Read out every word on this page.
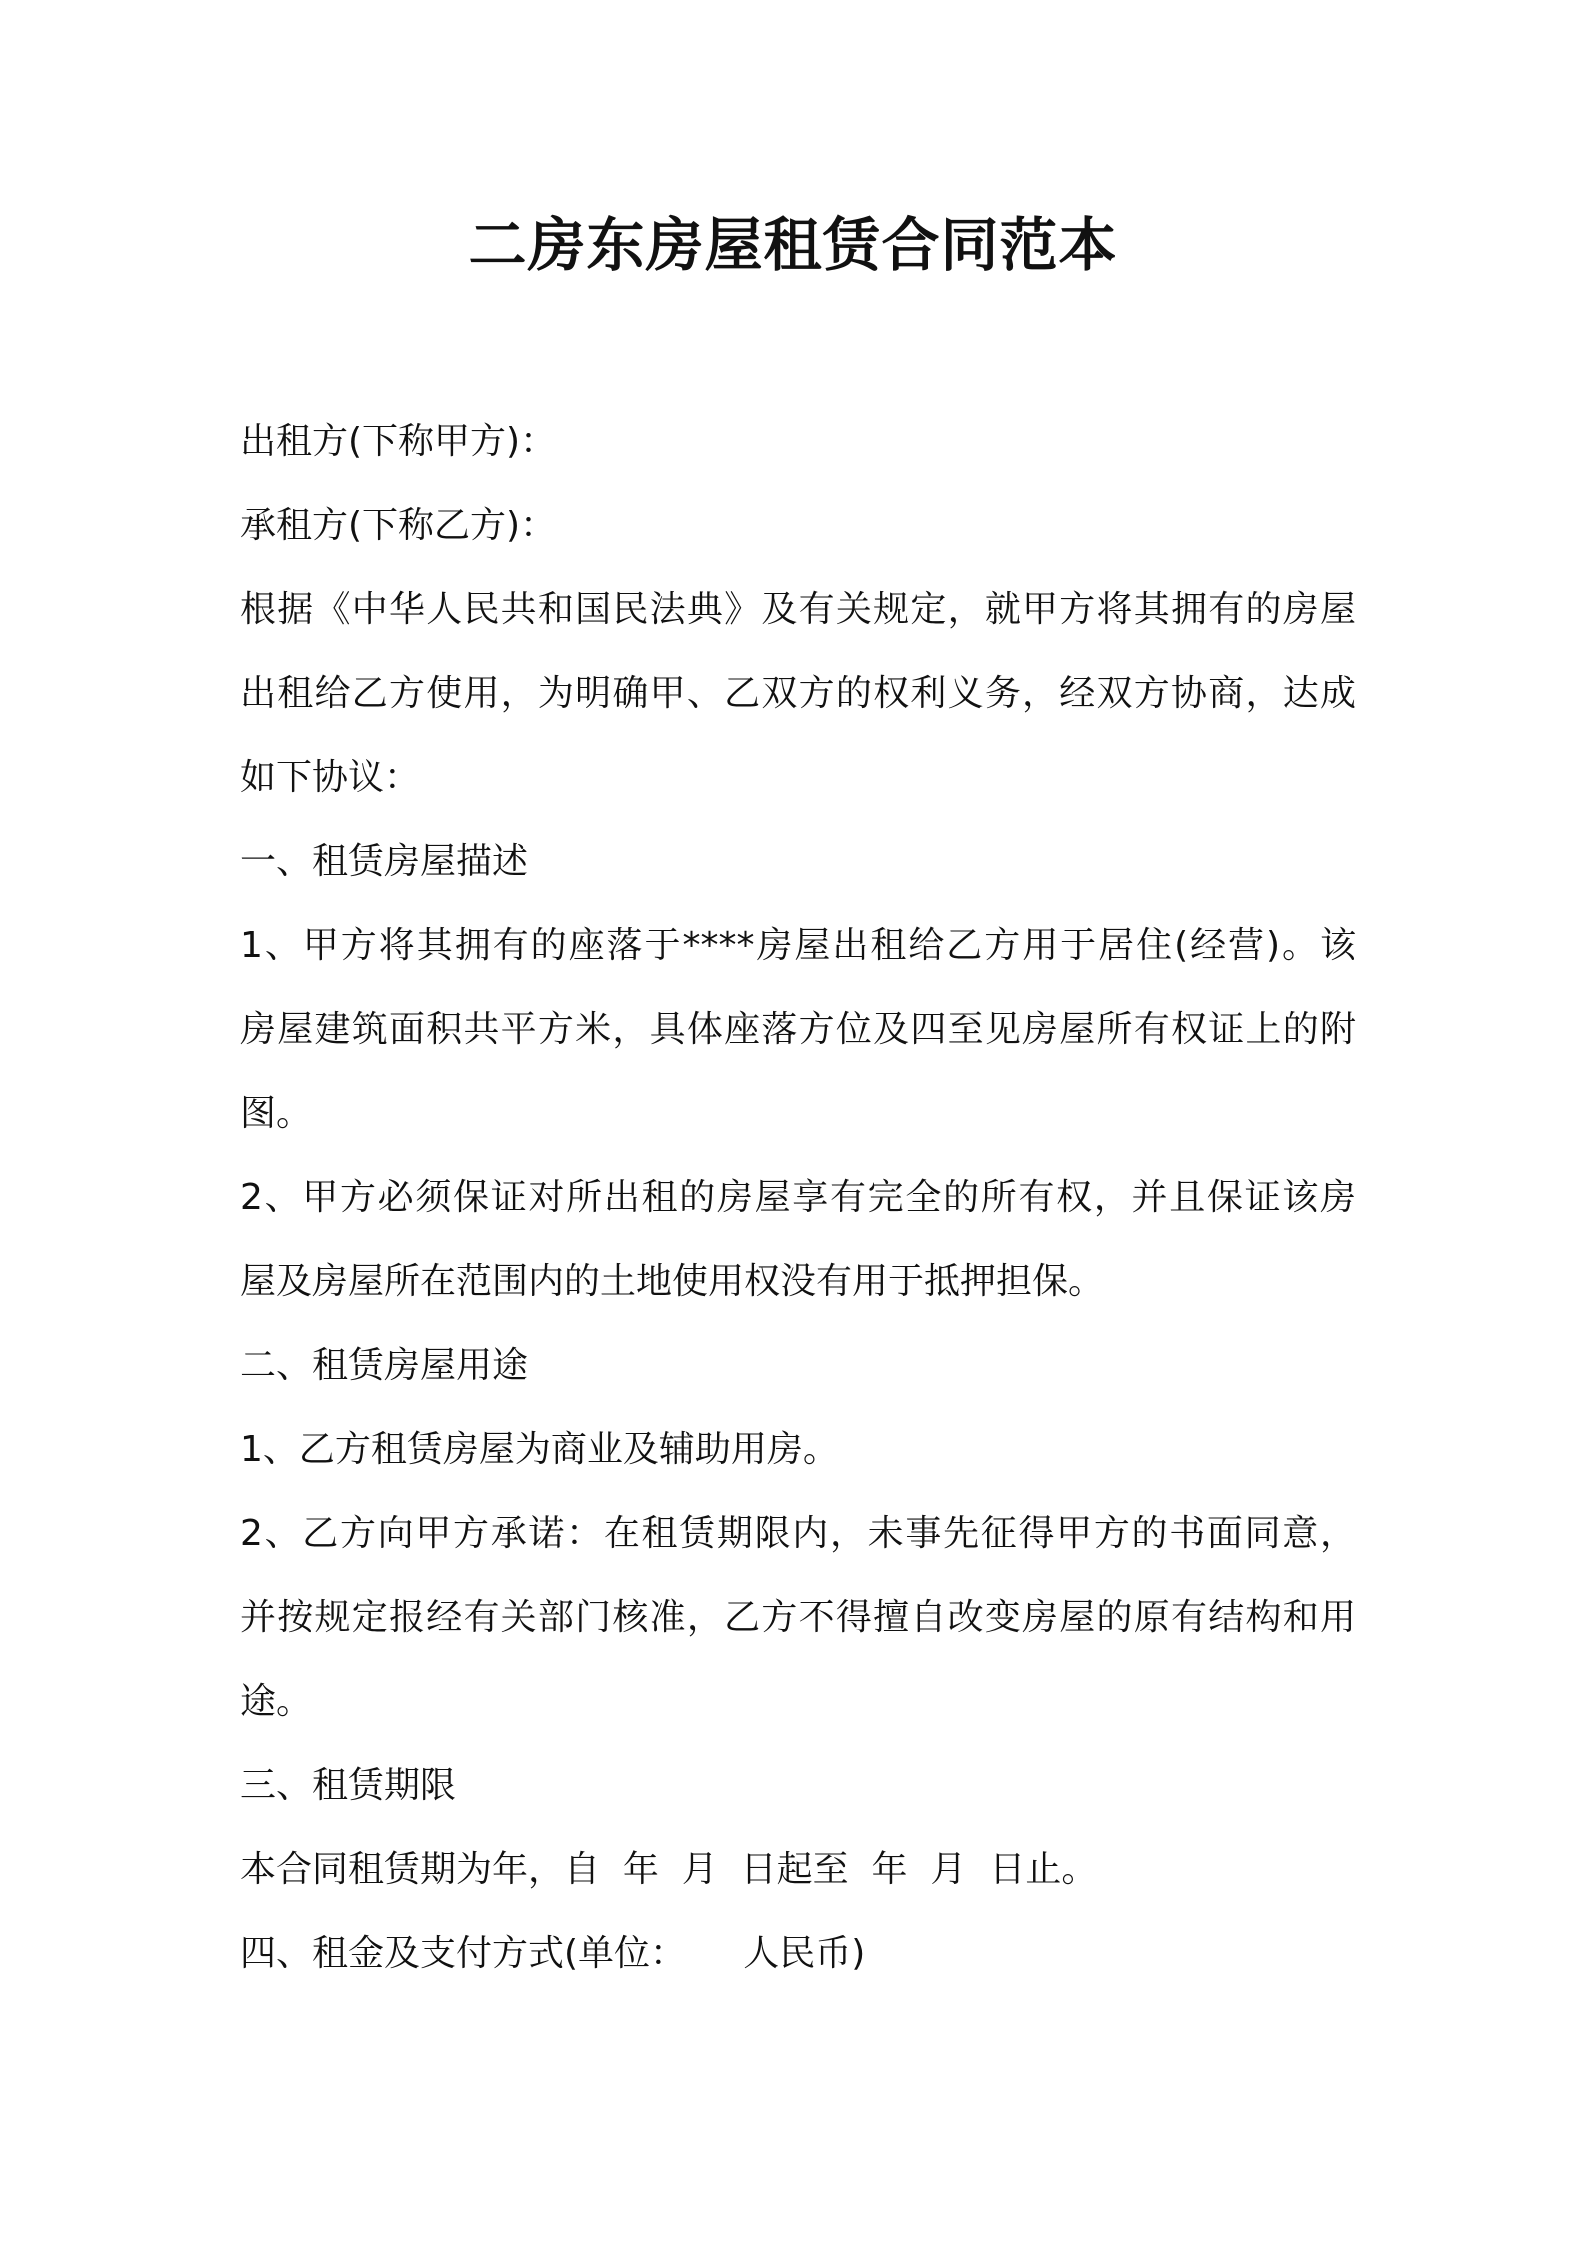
二房东房屋租赁合同范本
出租方(下称甲方)：
承租方(下称乙方)：
根据《中华人民共和国民法典》及有关规定，就甲方将其拥有的房屋
出租给乙方使用，为明确甲、乙双方的权利义务，经双方协商，达成
如下协议：
一、租赁房屋描述
1、甲方将其拥有的座落于****房屋出租给乙方用于居住(经营)。该
房屋建筑面积共平方米，具体座落方位及四至见房屋所有权证上的附
图。
2、甲方必须保证对所出租的房屋享有完全的所有权，并且保证该房
屋及房屋所在范围内的土地使用权没有用于抵押担保。
二、租赁房屋用途
1、乙方租赁房屋为商业及辅助用房。
2、乙方向甲方承诺：在租赁期限内，未事先征得甲方的书面同意，
并按规定报经有关部门核准，乙方不得擅自改变房屋的原有结构和用
途。
三、租赁期限
本合同租赁期为年，自  年  月  日起至  年  月  日止。
四、租金及支付方式(单位：     人民币)
